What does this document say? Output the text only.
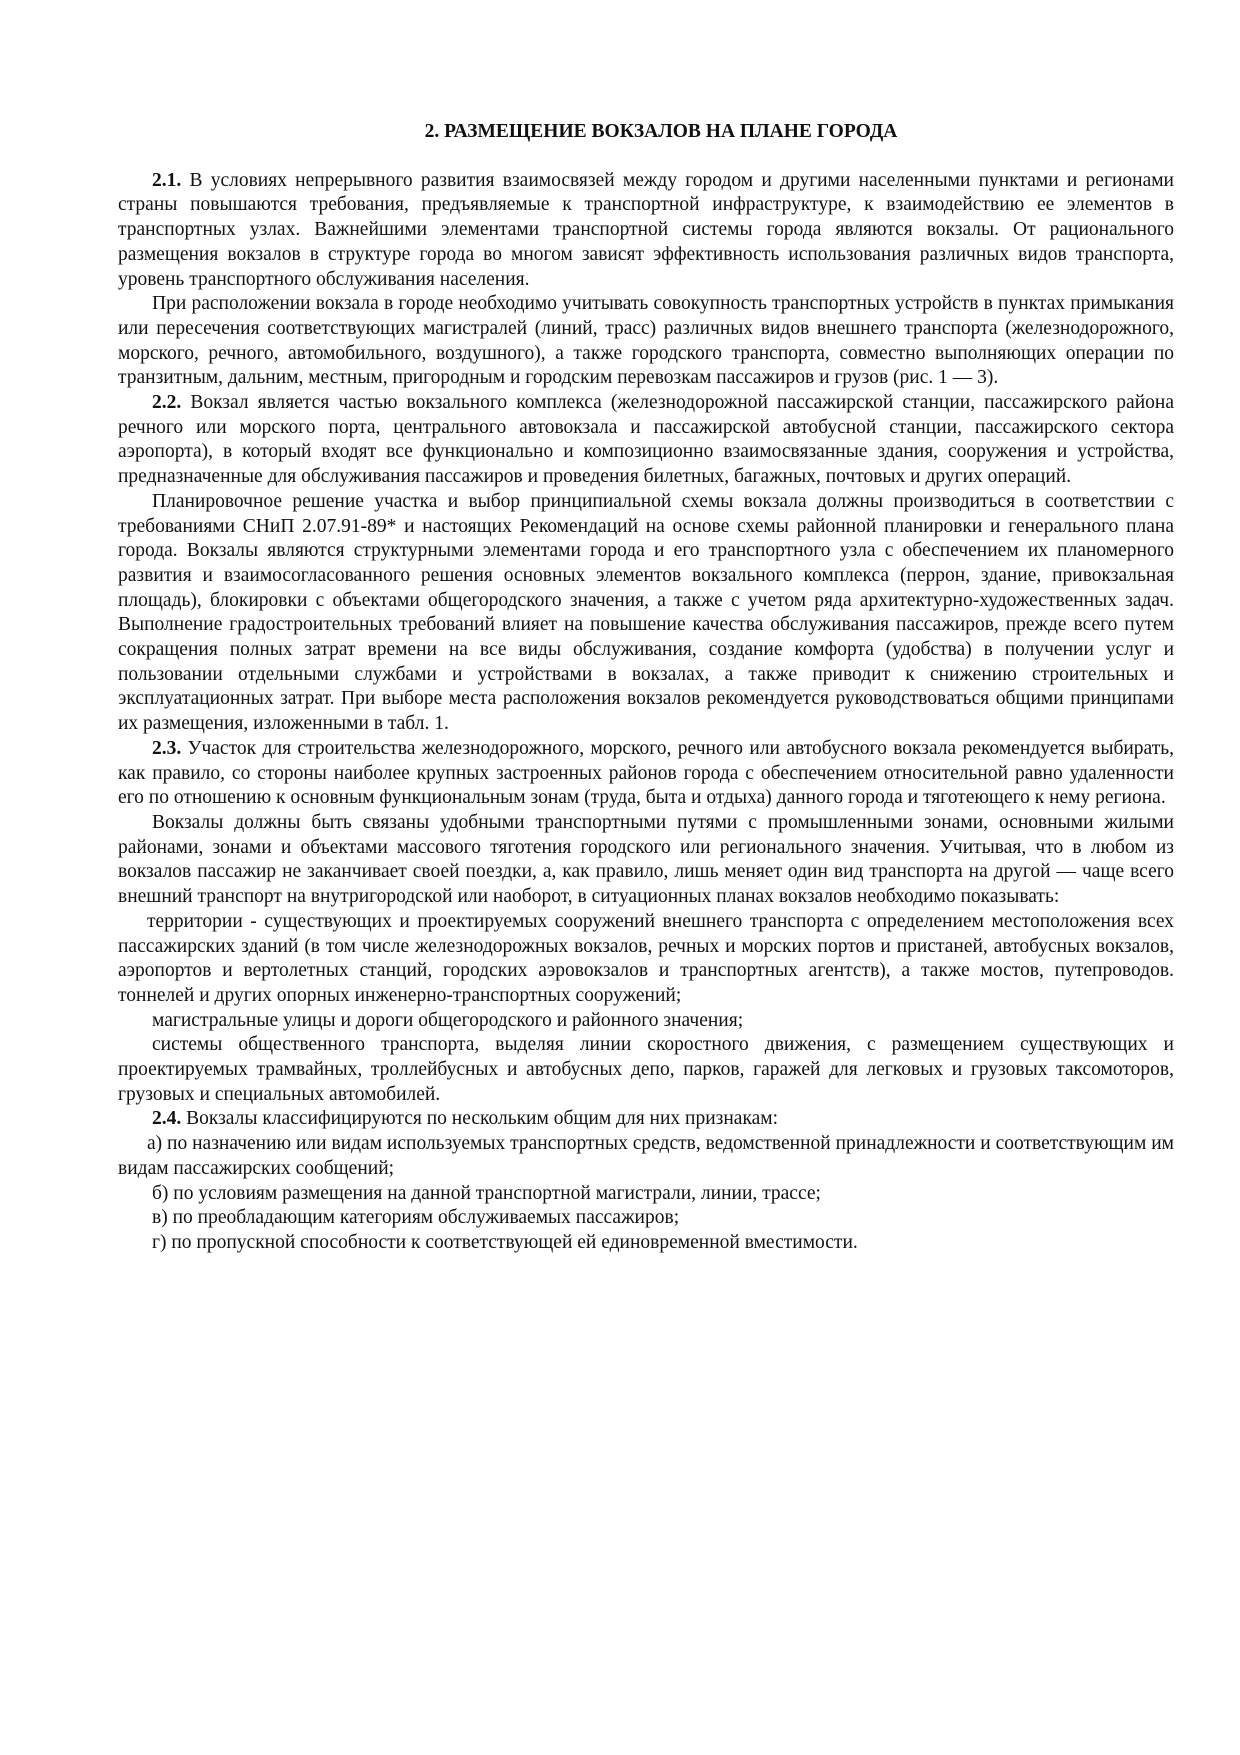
2. РАЗМЕЩЕНИЕ ВОКЗАЛОВ НА ПЛАНЕ ГОРОДА

2.1. В условиях непрерывного развития взаимосвязей между городом и другими населенными пунктами и регионами страны повышаются требования, предъявляемые к транспортной инфраструктуре, к взаимодействию ее элементов в транспортных узлах. Важнейшими элементами транспортной системы города являются вокзалы. От рационального размещения вокзалов в структуре города во многом зависят эффективность использования различных видов транспорта, уровень транспортного обслуживания населения.

При расположении вокзала в городе необходимо учитывать совокупность транспортных устройств в пунктах примыкания или пересечения соответствующих магистралей (линий, трасс) различных видов внешнего транспорта (железнодорожного, морского, речного, автомобильного, воздушного), а также городского транспорта, совместно выполняющих операции по транзитным, дальним, местным, пригородным и городским перевозкам пассажиров и грузов (рис. 1 — 3).

2.2. Вокзал является частью вокзального комплекса (железнодорожной пассажирской станции, пассажирского района речного или морского порта, центрального автовокзала и пассажирской автобусной станции, пассажирского сектора аэропорта), в который входят все функционально и композиционно взаимосвязанные здания, сооружения и устройства, предназначенные для обслуживания пассажиров и проведения билетных, багажных, почтовых и других операций.

Планировочное решение участка и выбор принципиальной схемы вокзала должны производиться в соответствии с требованиями СНиП 2.07.91-89* и настоящих Рекомендаций на основе схемы районной планировки и генерального плана города. Вокзалы являются структурными элементами города и его транспортного узла с обеспечением их планомерного развития и взаимосогласованного решения основных элементов вокзального комплекса (перрон, здание, привокзальная площадь), блокировки с объектами общегородского значения, а также с учетом ряда архитектурно-художественных задач. Выполнение градостроительных требований влияет на повышение качества обслуживания пассажиров, прежде всего путем сокращения полных затрат времени на все виды обслуживания, создание комфорта (удобства) в получении услуг и пользовании отдельными службами и устройствами в вокзалах, а также приводит к снижению строительных и эксплуатационных затрат. При выборе места расположения вокзалов рекомендуется руководствоваться общими принципами их размещения, изложенными в табл. 1.

2.3. Участок для строительства железнодорожного, морского, речного или автобусного вокзала рекомендуется выбирать, как правило, со стороны наиболее крупных застроенных районов города с обеспечением относительной равно удаленности его по отношению к основным функциональным зонам (труда, быта и отдыха) данного города и тяготеющего к нему региона.

Вокзалы должны быть связаны удобными транспортными путями с промышленными зонами, основными жилыми районами, зонами и объектами массового тяготения городского или регионального значения. Учитывая, что в любом из вокзалов пассажир не заканчивает своей поездки, а, как правило, лишь меняет один вид транспорта на другой — чаще всего внешний транспорт на внутригородской или наоборот, в ситуационных планах вокзалов необходимо показывать:

территории - существующих и проектируемых сооружений внешнего транспорта с определением местоположения всех пассажирских зданий (в том числе железнодорожных вокзалов, речных и морских портов и пристаней, автобусных вокзалов, аэропортов и вертолетных станций, городских аэровокзалов и транспортных агентств), а также мостов, путепроводов. тоннелей и других опорных инженерно-транспортных сооружений;

магистральные улицы и дороги общегородского и районного значения;

системы общественного транспорта, выделяя линии скоростного движения, с размещением существующих и проектируемых трамвайных, троллейбусных и автобусных депо, парков, гаражей для легковых и грузовых таксомоторов, грузовых и специальных автомобилей.

2.4. Вокзалы классифицируются по нескольким общим для них признакам:

а) по назначению или видам используемых транспортных средств, ведомственной принадлежности и соответствующим им видам пассажирских сообщений;

б) по условиям размещения на данной транспортной магистрали, линии, трассе;

в) по преобладающим категориям обслуживаемых пассажиров;

г) по пропускной способности к соответствующей ей единовременной вместимости.
